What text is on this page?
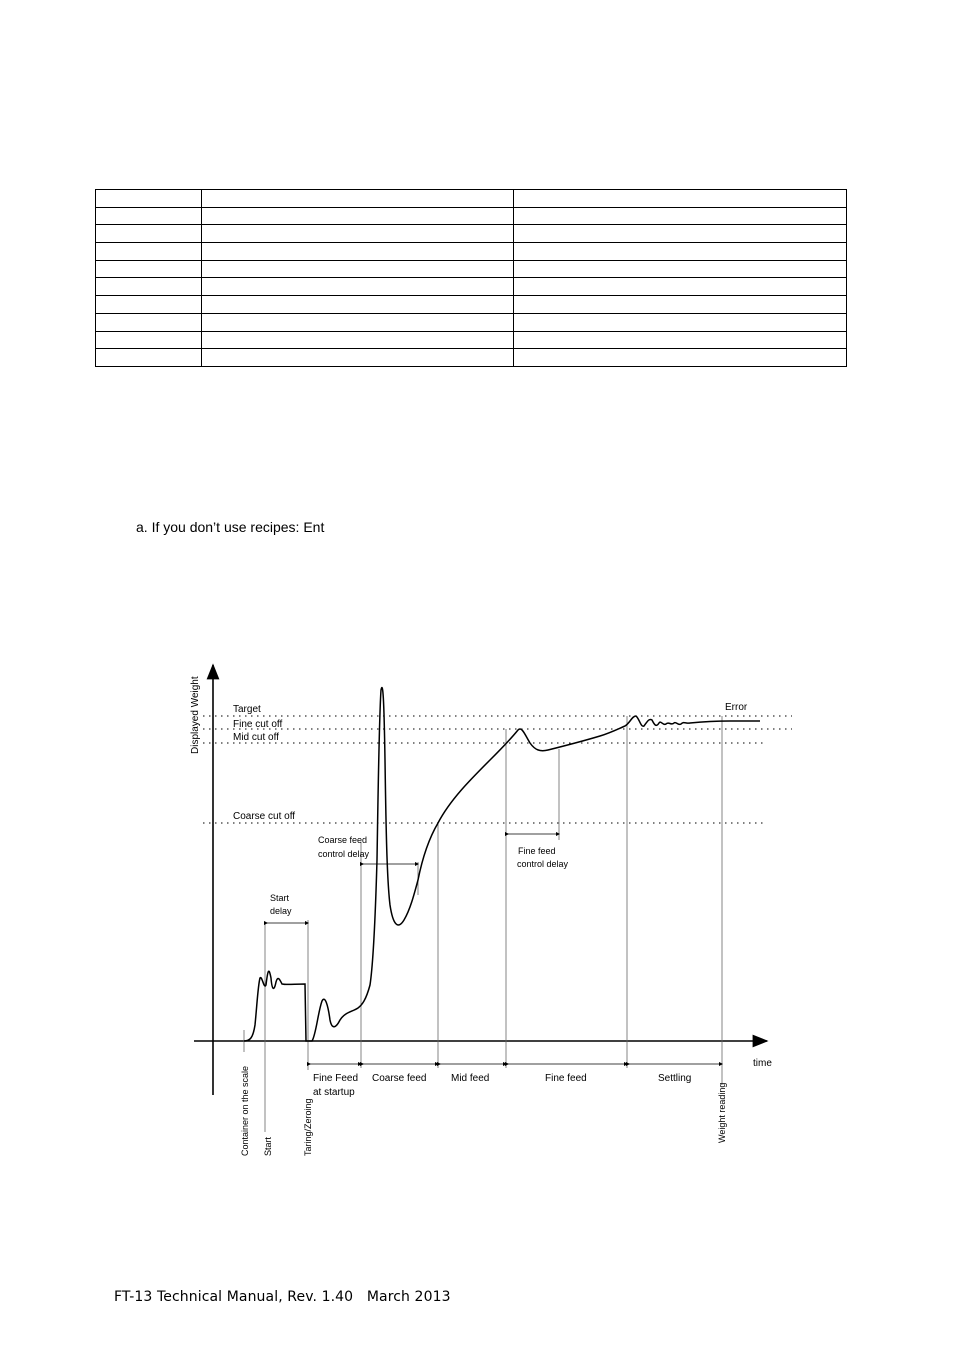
a. If you don’t use recipes: Ent
Displayed Weight
time
Target
Fine cut off
Mid cut off
Coarse cut off
Error
Start
delay
Coarse feed
control delay	Fine feed
control delay
Fine Feed
at startup
Coarse feed Mid feed	Fine feed	Settling
Container on the scale Start	Taring/Zeroing	Weight reading
FT-13 Technical Manual, Rev. 1.40   March 2013
